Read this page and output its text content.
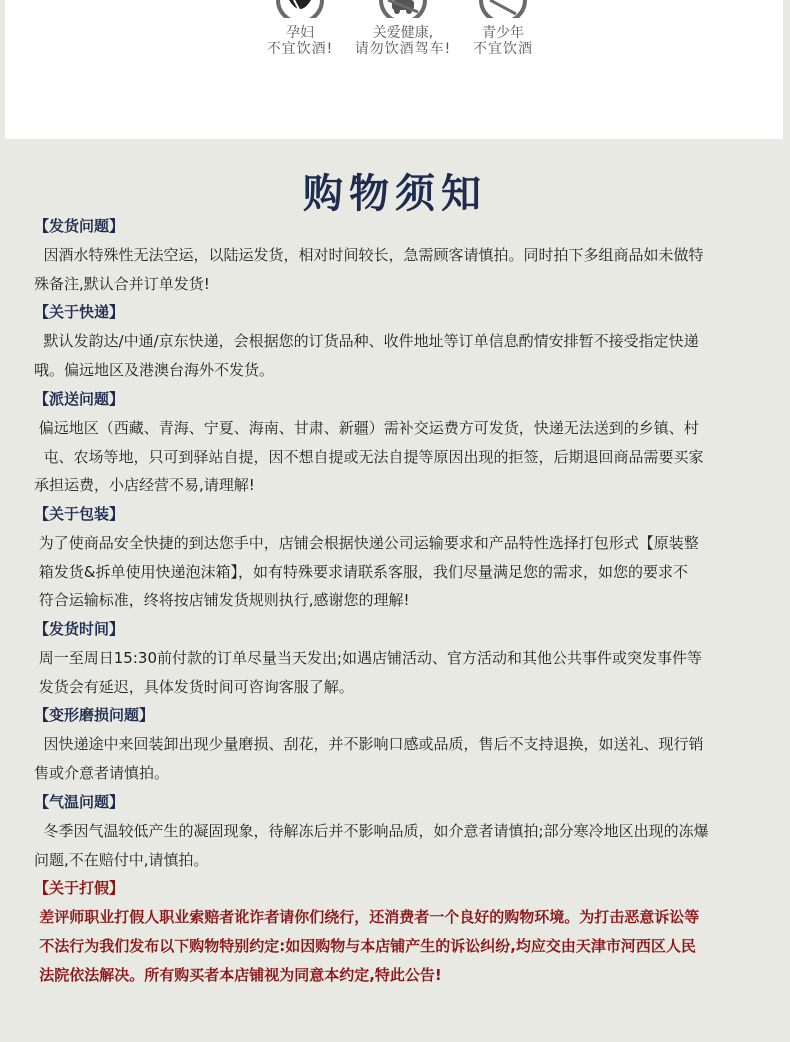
孕妇
不宜饮酒!
关爱健康,
请勿饮酒驾车!
青少年
不宜饮酒
购物须知
【发货问题】
因酒水特殊性无法空运，以陆运发货，相对时间较长，急需顾客请慎拍。同时拍下多组商品如未做特
殊备注,默认合并订单发货!
【关于快递】
默认发韵达/中通/京东快递，会根据您的订货品种、收件地址等订单信息酌情安排暂不接受指定快递
哦。偏远地区及港澳台海外不发货。
【派送问题】
偏远地区（西藏、青海、宁夏、海南、甘肃、新疆）需补交运费方可发货，快递无法送到的乡镇、村
屯、农场等地，只可到驿站自提，因不想自提或无法自提等原因出现的拒签，后期退回商品需要买家
承担运费，小店经营不易,请理解!
【关于包装】
为了使商品安全快捷的到达您手中，店铺会根据快递公司运输要求和产品特性选择打包形式【原装整
箱发货&拆单使用快递泡沫箱】，如有特殊要求请联系客服，我们尽量满足您的需求，如您的要求不
符合运输标准，终将按店铺发货规则执行,感谢您的理解!
【发货时间】
周一至周日15:30前付款的订单尽量当天发出;如遇店铺活动、官方活动和其他公共事件或突发事件等
发货会有延迟，具体发货时间可咨询客服了解。
【变形磨损问题】
因快递途中来回装卸出现少量磨损、刮花，并不影响口感或品质，售后不支持退换，如送礼、现行销
售或介意者请慎拍。
【气温问题】
冬季因气温较低产生的凝固现象，待解冻后并不影响品质，如介意者请慎拍;部分寒冷地区出现的冻爆
问题,不在赔付中,请慎拍。
【关于打假】
差评师职业打假人职业索赔者讹诈者请你们绕行，还消费者一个良好的购物环境。为打击恶意诉讼等
不法行为我们发布以下购物特别约定:如因购物与本店铺产生的诉讼纠纷,均应交由天津市河西区人民
法院依法解决。所有购买者本店铺视为同意本约定,特此公告!
